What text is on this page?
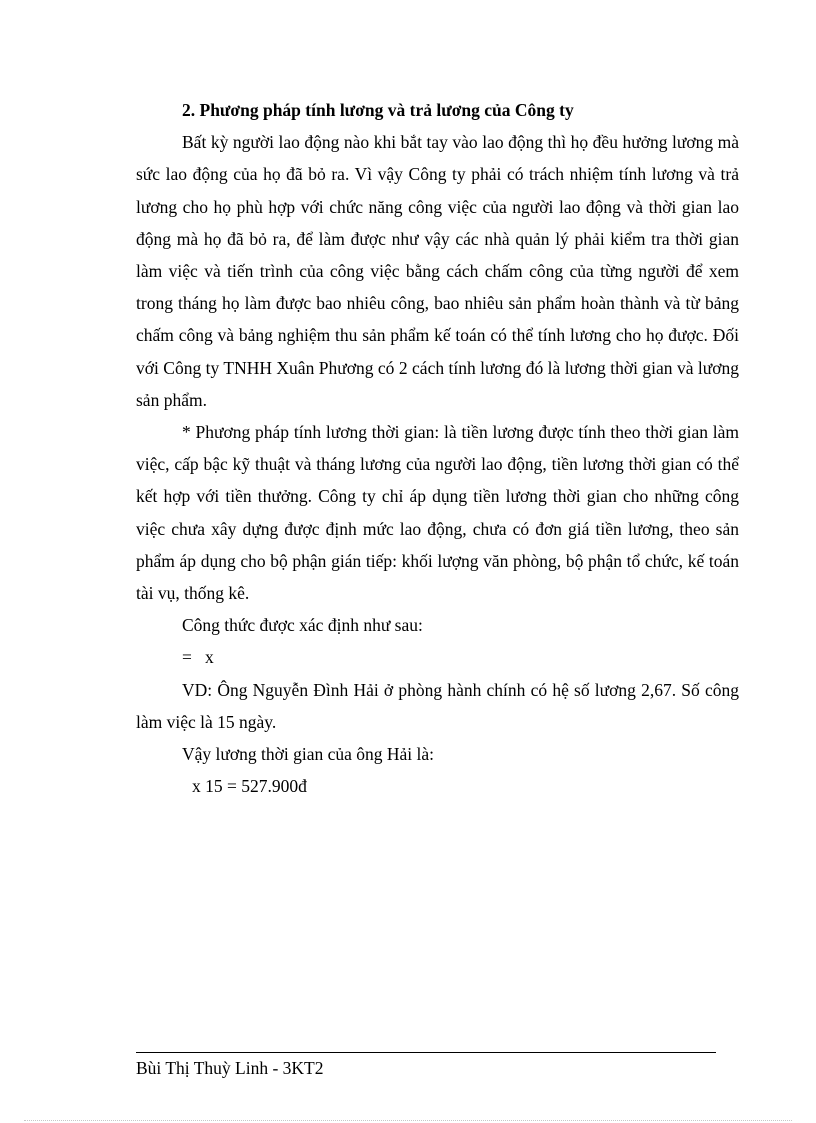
2. Phương pháp tính lương và trả lương của Công ty

Bất kỳ người lao động nào khi bắt tay vào lao động thì họ đều hưởng lương mà sức lao động của họ đã bỏ ra. Vì vậy Công ty phải có trách nhiệm tính lương và trả lương cho họ phù hợp với chức năng công việc của người lao động và thời gian lao động mà họ đã bỏ ra, để làm được như vậy các nhà quản lý phải kiểm tra thời gian làm việc và tiến trình của công việc bằng cách chấm công của từng người để xem trong tháng họ làm được bao nhiêu công, bao nhiêu sản phẩm hoàn thành và từ bảng chấm công và bảng nghiệm thu sản phẩm kế toán có thể tính lương cho họ được. Đối với Công ty TNHH Xuân Phương có 2 cách tính lương đó là lương thời gian và lương sản phẩm.

* Phương pháp tính lương thời gian: là tiền lương được tính theo thời gian làm việc, cấp bậc kỹ thuật và tháng lương của người lao động, tiền lương thời gian có thể kết hợp với tiền thưởng. Công ty chỉ áp dụng tiền lương thời gian cho những công việc chưa xây dựng được định mức lao động, chưa có đơn giá tiền lương, theo sản phẩm áp dụng cho bộ phận gián tiếp: khối lượng văn phòng, bộ phận tổ chức, kế toán tài vụ, thống kê.

Công thức được xác định như sau:

=   x

VD: Ông Nguyễn Đình Hải ở phòng hành chính có hệ số lương 2,67. Số công làm việc là 15 ngày.

Vậy lương thời gian của ông Hải là:

x 15 = 527.900đ

Bùi Thị Thuỳ Linh - 3KT2
